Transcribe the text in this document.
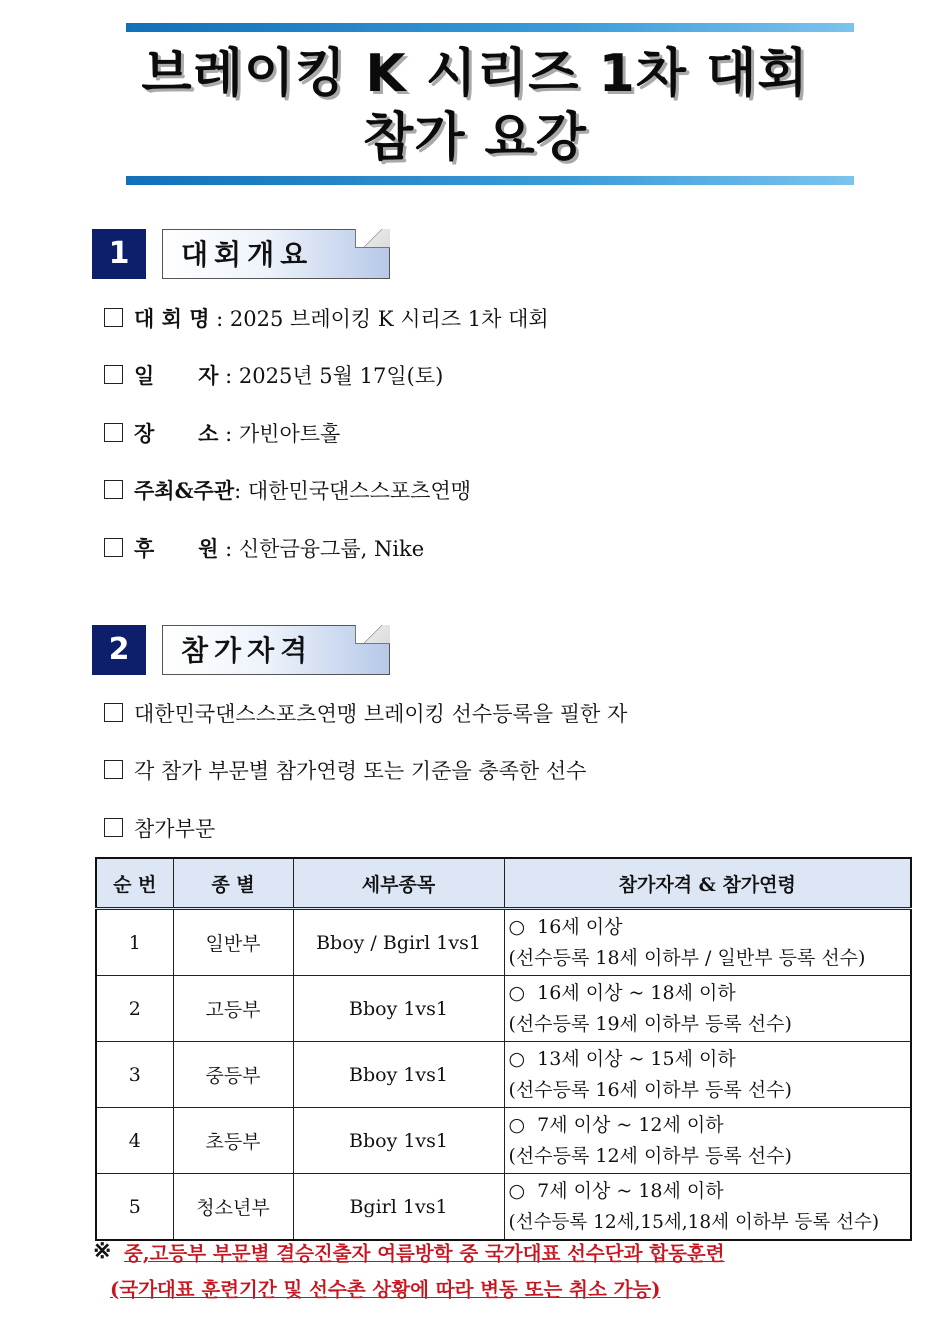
브레이킹 K 시리즈 1차 대회
참가 요강
1	대회개요
대 회 명 : 2025 브레이킹 K 시리즈 1차 대회
일      자 : 2025년 5월 17일(토)
장      소 : 가빈아트홀
주최&주관: 대한민국댄스스포츠연맹
후      원 : 신한금융그룹, Nike
2	참가자격
대한민국댄스스포츠연맹 브레이킹 선수등록을 필한 자
각 참가 부문별 참가연령 또는 기준을 충족한 선수
참가부문
순 번	종 별	세부종목	참가자격 & 참가연령
1	일반부	Bboy / Bgirl 1vs1	○  16세 이상
(선수등록 18세 이하부 / 일반부 등록 선수)

2	고등부	Bboy 1vs1	○  16세 이상 ~ 18세 이하
(선수등록 19세 이하부 등록 선수)

3	중등부	Bboy 1vs1	○  13세 이상 ~ 15세 이하
(선수등록 16세 이하부 등록 선수)

4	초등부	Bboy 1vs1	○  7세 이상 ~ 12세 이하
(선수등록 12세 이하부 등록 선수)

5	청소년부	Bgirl 1vs1	○  7세 이상 ~ 18세 이하
(선수등록 12세,15세,18세 이하부 등록 선수)
※ 중,고등부 부문별 결승진출자 여름방학 중 국가대표 선수단과 합동훈련
(국가대표 훈련기간 및 선수촌 상황에 따라 변동 또는 취소 가능)
